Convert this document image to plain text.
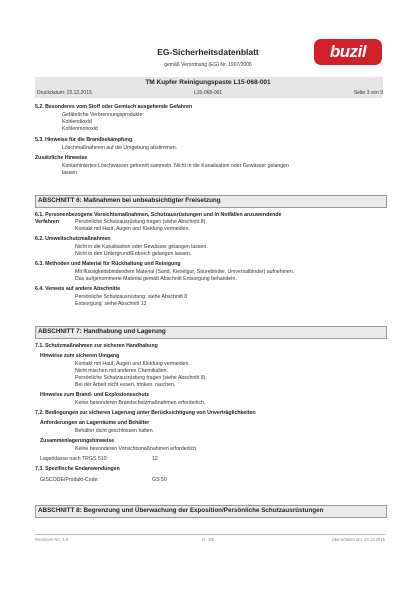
EG-Sicherheitsdatenblatt
gemäß Verordnung (EG) Nr. 1907/2006
buzil
TM Kupfer Reinigungspaste L15-068-001
Druckdatum: 22.12.2015	L15-068-001	Seite 3 von 9
5.2. Besonderes vom Stoff oder Gemisch ausgehende Gefahren
Gefährliche Verbrennungsprodukte:
Kohlendioxid
Kohlenmonoxid
5.3. Hinweise für die Brandbekämpfung
Löschmaßnahmen auf die Umgebung abstimmen.
Zusätzliche Hinweise
Kontaminiertes Löschwasser getrennt sammeln. Nicht in die Kanalisation oder Gewässer gelangen
lassen.
ABSCHNITT 6: Maßnahmen bei unbeabsichtigter Freisetzung
6.1. Personenbezogene Vorsichtsmaßnahmen, Schutzausrüstungen und in Notfällen anzuwendende
Verfahren	Persönliche Schutzausrüstung tragen (siehe Abschnitt 8).
Kontakt mit Haut, Augen und Kleidung vermeiden.
6.2. Umweltschutzmaßnahmen
Nicht in die Kanalisation oder Gewässer gelangen lassen.
Nicht in den Untergrund/Erdreich gelangen lassen.
6.3. Methoden und Material für Rückhaltung und Reinigung
Mit flüssigkeitsbindendem Material (Sand, Kieselgur, Säurebinder, Universalbinder) aufnehmen.
Das aufgenommene Material gemäß Abschnitt Entsorgung behandeln.
6.4. Verweis auf andere Abschnitte
Persönliche Schutzausrüstung: siehe Abschnitt 8
Entsorgung: siehe Abschnitt 13
ABSCHNITT 7: Handhabung und Lagerung
7.1. Schutzmaßnahmen zur sicheren Handhabung
Hinweise zum sicheren Umgang
Kontakt mit Haut, Augen und Kleidung vermeiden.
Nicht mischen mit anderen Chemikalien.
Persönliche Schutzausrüstung tragen (siehe Abschnitt 8).
Bei der Arbeit nicht essen, trinken, rauchen.
Hinweise zum Brand- und Explosionsschutz
Keine besonderen Brandschutzmaßnahmen erforderlich.
7.2. Bedingungen zur sicheren Lagerung unter Berücksichtigung von Unverträglichkeiten
Anforderungen an Lagerräume und Behälter
Behälter dicht geschlossen halten.
Zusammenlagerungshinweise
Keine besonderen Vorsichtsmaßnahmen erforderlich.
Lagerklasse nach TRGS 510:	12
7.3. Spezifische Endanwendungen
GISCODE/Produkt-Code:	GS 50
ABSCHNITT 8: Begrenzung und Überwachung der Exposition/Persönliche Schutzausrüstungen
Revisions-Nr.: 1,0	D - DE	Überarbeitet am: 28.12.2015
